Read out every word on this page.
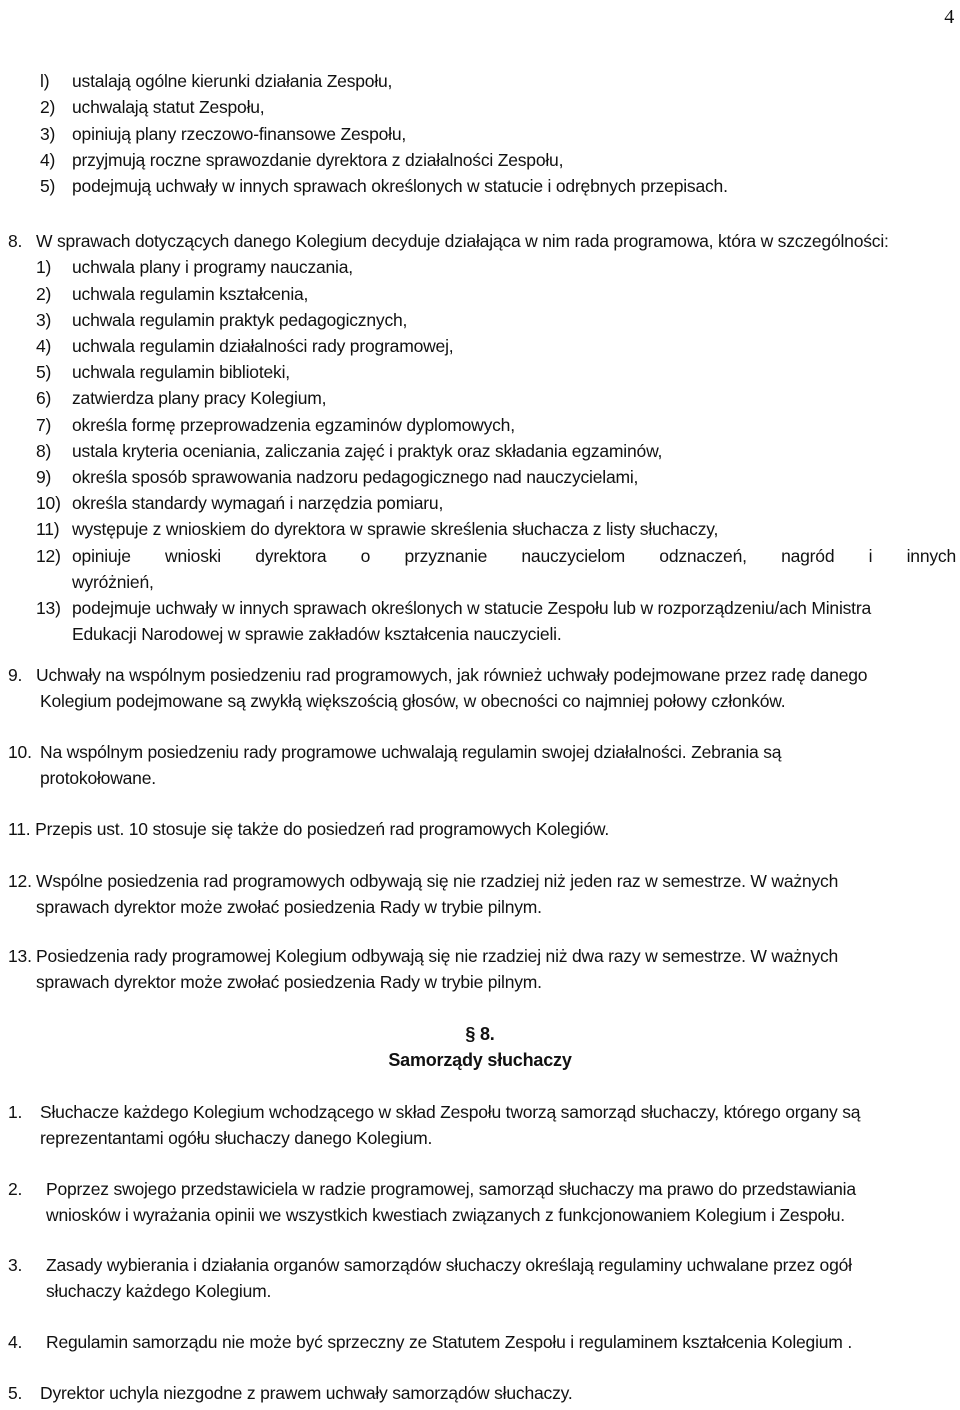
4
l) ustalają ogólne kierunki działania Zespołu,
2) uchwalają statut Zespołu,
3) opiniują plany rzeczowo-finansowe Zespołu,
4) przyjmują roczne sprawozdanie dyrektora z działalności Zespołu,
5) podejmują uchwały w innych sprawach określonych w statucie i odrębnych przepisach.
8. W sprawach dotyczących danego Kolegium decyduje działająca w nim rada programowa, która w szczególności:
1) uchwala plany i programy nauczania,
2) uchwala regulamin kształcenia,
3) uchwala regulamin praktyk pedagogicznych,
4) uchwala regulamin działalności rady programowej,
5) uchwala regulamin biblioteki,
6) zatwierdza plany pracy Kolegium,
7) określa formę przeprowadzenia egzaminów dyplomowych,
8) ustala kryteria oceniania, zaliczania zajęć i praktyk oraz składania egzaminów,
9) określa sposób sprawowania nadzoru pedagogicznego nad nauczycielami,
10) określa standardy wymagań i narzędzia pomiaru,
11) występuje z wnioskiem do dyrektora w sprawie skreślenia słuchacza z listy słuchaczy,
12) opiniuje wnioski dyrektora o przyznanie nauczycielom odznaczeń, nagród i innych
wyróżnień,
13) podejmuje uchwały w innych sprawach określonych w statucie Zespołu lub w rozporządzeniu/ach Ministra
Edukacji Narodowej w sprawie zakładów kształcenia nauczycieli.
9. Uchwały na wspólnym posiedzeniu rad programowych, jak również uchwały podejmowane przez radę danego
Kolegium podejmowane są zwykłą większością głosów, w obecności co najmniej połowy członków.
10. Na wspólnym posiedzeniu rady programowe uchwalają regulamin swojej działalności. Zebrania są
protokołowane.
11. Przepis ust. 10 stosuje się także do posiedzeń rad programowych Kolegiów.
12. Wspólne posiedzenia rad programowych odbywają się nie rzadziej niż jeden raz w semestrze. W ważnych
sprawach dyrektor może zwołać posiedzenia Rady w trybie pilnym.
13. Posiedzenia rady programowej Kolegium odbywają się nie rzadziej niż dwa razy w semestrze. W ważnych
sprawach dyrektor może zwołać posiedzenia Rady w trybie pilnym.
§ 8.
Samorządy słuchaczy
1. Słuchacze każdego Kolegium wchodzącego w skład Zespołu tworzą samorząd słuchaczy, którego organy są
reprezentantami ogółu słuchaczy danego Kolegium.
2. Poprzez swojego przedstawiciela w radzie programowej, samorząd słuchaczy ma prawo do przedstawiania
wniosków i wyrażania opinii we wszystkich kwestiach związanych z funkcjonowaniem Kolegium i Zespołu.
3. Zasady wybierania i działania organów samorządów słuchaczy określają regulaminy uchwalane przez ogół
słuchaczy każdego Kolegium.
4. Regulamin samorządu nie może być sprzeczny ze Statutem Zespołu i regulaminem kształcenia Kolegium .
5. Dyrektor uchyla niezgodne z prawem uchwały samorządów słuchaczy.
